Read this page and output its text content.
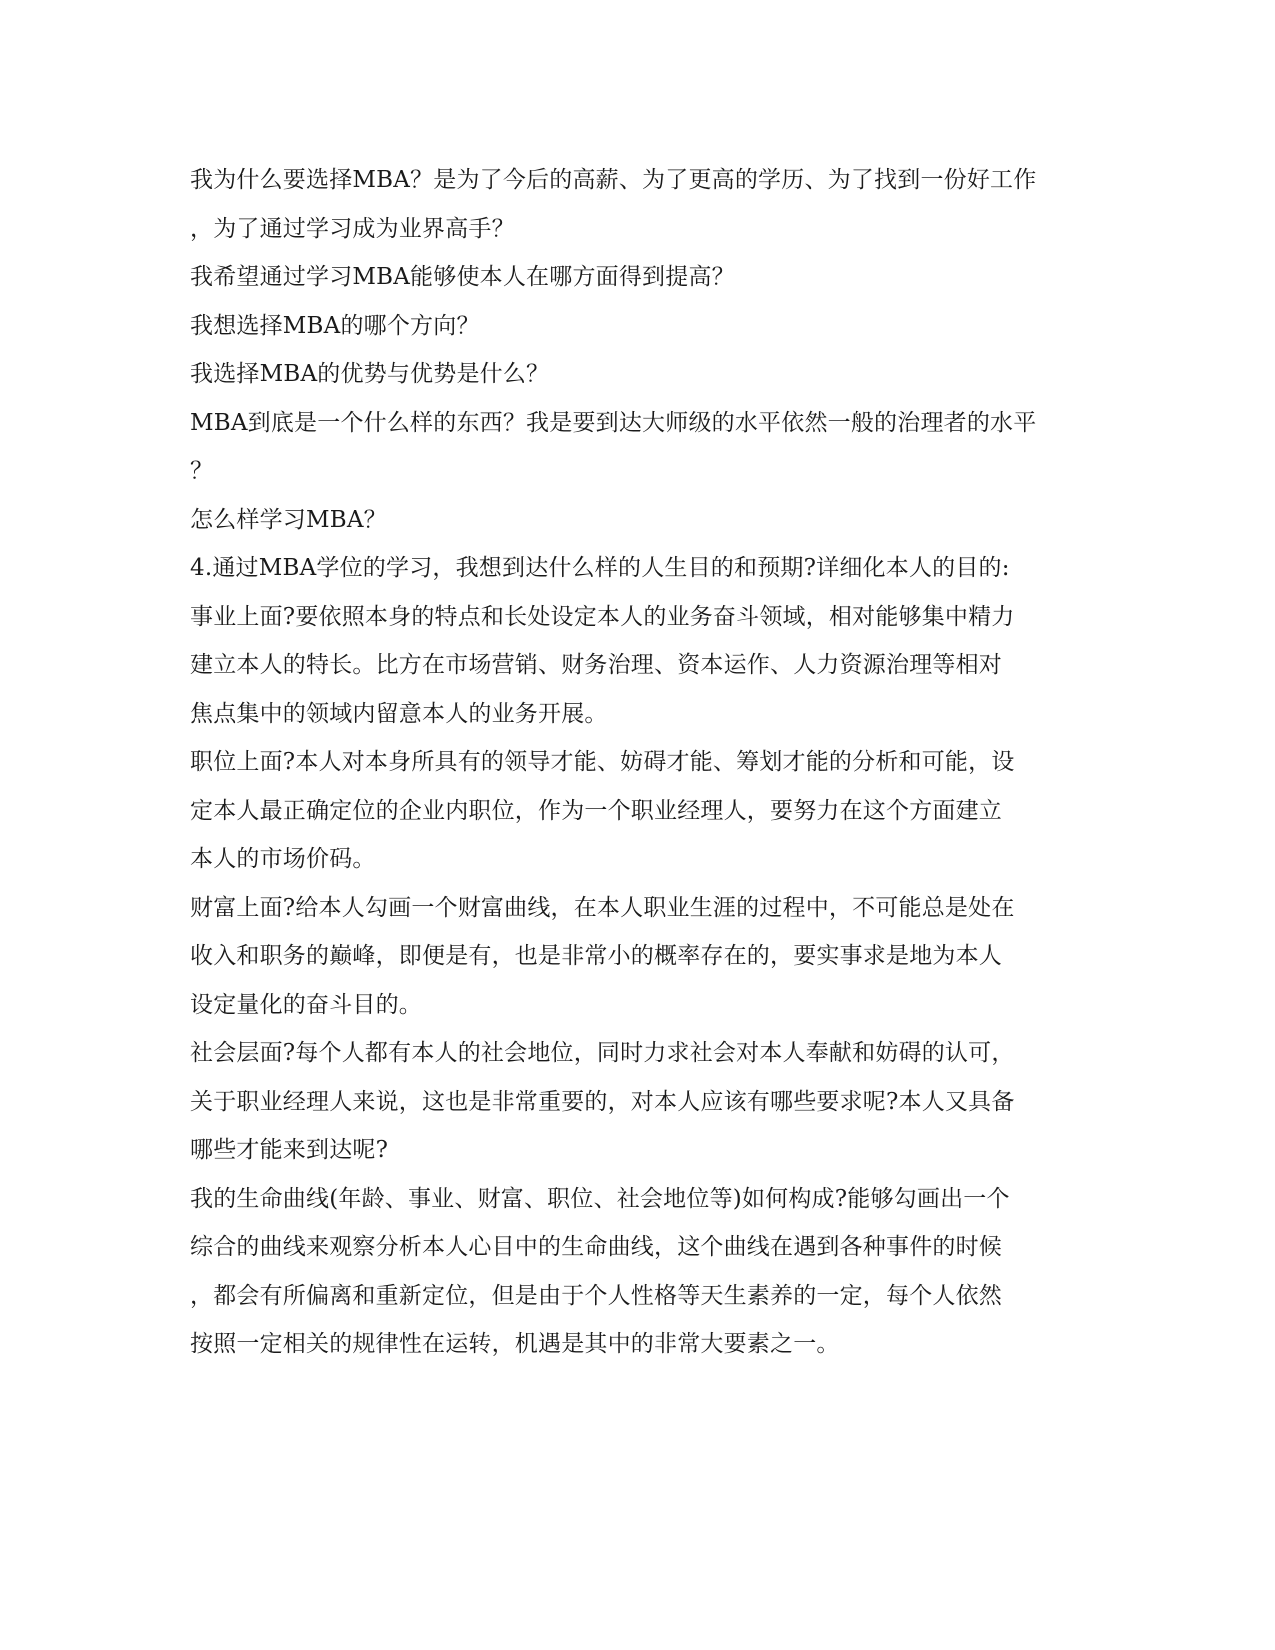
我为什么要选择MBA？是为了今后的高薪、为了更高的学历、为了找到一份好工作
，为了通过学习成为业界高手？
我希望通过学习MBA能够使本人在哪方面得到提高？
我想选择MBA的哪个方向？
我选择MBA的优势与优势是什么？
MBA到底是一个什么样的东西？我是要到达大师级的水平依然一般的治理者的水平
？
怎么样学习MBA？
4.通过MBA学位的学习，我想到达什么样的人生目的和预期?详细化本人的目的:
事业上面?要依照本身的特点和长处设定本人的业务奋斗领域，相对能够集中精力
建立本人的特长。比方在市场营销、财务治理、资本运作、人力资源治理等相对
焦点集中的领域内留意本人的业务开展。
职位上面?本人对本身所具有的领导才能、妨碍才能、筹划才能的分析和可能，设
定本人最正确定位的企业内职位，作为一个职业经理人，要努力在这个方面建立
本人的市场价码。
财富上面?给本人勾画一个财富曲线，在本人职业生涯的过程中，不可能总是处在
收入和职务的巅峰，即便是有，也是非常小的概率存在的，要实事求是地为本人
设定量化的奋斗目的。
社会层面?每个人都有本人的社会地位，同时力求社会对本人奉献和妨碍的认可，
关于职业经理人来说，这也是非常重要的，对本人应该有哪些要求呢?本人又具备
哪些才能来到达呢?
我的生命曲线(年龄、事业、财富、职位、社会地位等)如何构成?能够勾画出一个
综合的曲线来观察分析本人心目中的生命曲线，这个曲线在遇到各种事件的时候
，都会有所偏离和重新定位，但是由于个人性格等天生素养的一定，每个人依然
按照一定相关的规律性在运转，机遇是其中的非常大要素之一。
